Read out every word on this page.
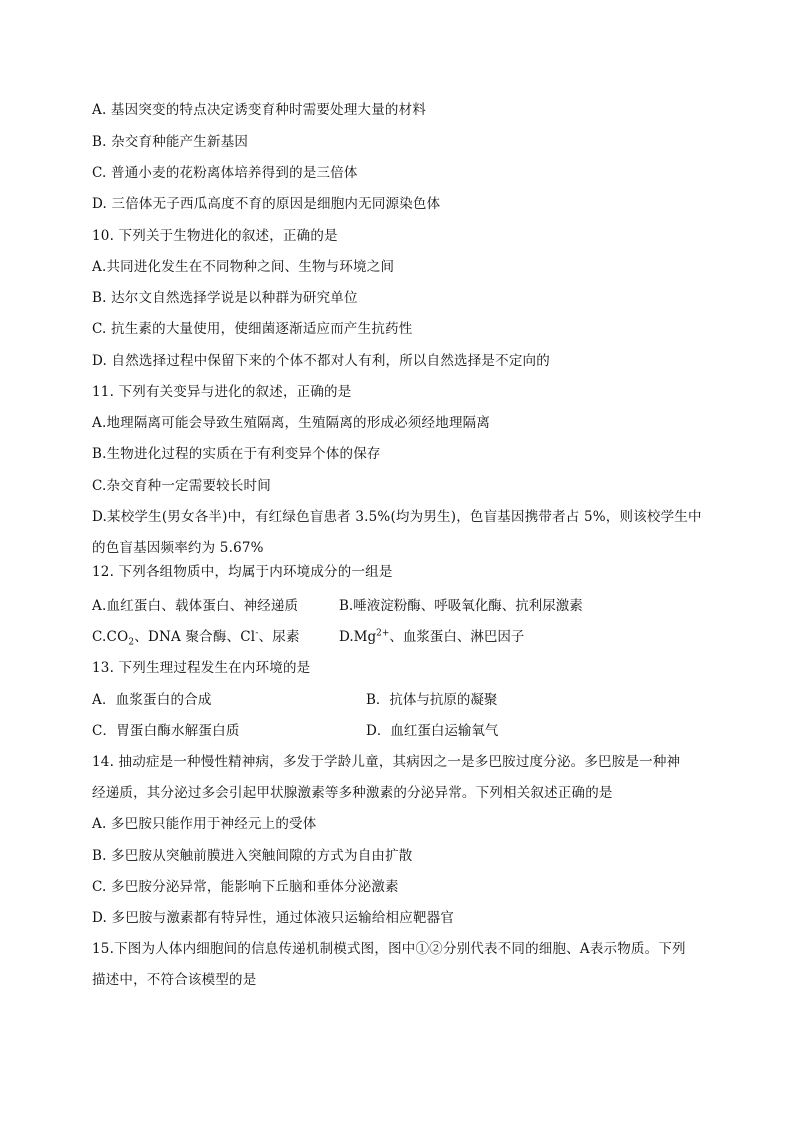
A. 基因突变的特点决定诱变育种时需要处理大量的材料
B. 杂交育种能产生新基因
C. 普通小麦的花粉离体培养得到的是三倍体
D. 三倍体无子西瓜高度不育的原因是细胞内无同源染色体
10. 下列关于生物进化的叙述，正确的是
A.共同进化发生在不同物种之间、生物与环境之间
B. 达尔文自然选择学说是以种群为研究单位
C. 抗生素的大量使用，使细菌逐渐适应而产生抗药性
D. 自然选择过程中保留下来的个体不都对人有利，所以自然选择是不定向的
11. 下列有关变异与进化的叙述，正确的是
A.地理隔离可能会导致生殖隔离，生殖隔离的形成必须经地理隔离
B.生物进化过程的实质在于有利变异个体的保存
C.杂交育种一定需要较长时间
D.某校学生(男女各半)中，有红绿色盲患者 3.5%(均为男生)，色盲基因携带者占 5%，则该校学生中
的色盲基因频率约为 5.67%
12. 下列各组物质中，均属于内环境成分的一组是
A.血红蛋白、载体蛋白、神经递质	B.唾液淀粉酶、呼吸氧化酶、抗利尿激素
$C.CO_2$、DNA 聚合酶、Cl-、尿素	$D.Mg^{2+}$、血浆蛋白、淋巴因子
13. 下列生理过程发生在内环境的是
A．血浆蛋白的合成	B．抗体与抗原的凝聚
C．胃蛋白酶水解蛋白质	D．血红蛋白运输氧气
14. 抽动症是一种慢性精神病，多发于学龄儿童，其病因之一是多巴胺过度分泌。多巴胺是一种神
经递质，其分泌过多会引起甲状腺激素等多种激素的分泌异常。下列相关叙述正确的是
A. 多巴胺只能作用于神经元上的受体
B. 多巴胺从突触前膜进入突触间隙的方式为自由扩散
C. 多巴胺分泌异常，能影响下丘脑和垂体分泌激素
D. 多巴胺与激素都有特异性，通过体液只运输给相应靶器官
15.下图为人体内细胞间的信息传递机制模式图，图中①②分别代表不同的细胞、A表示物质。下列
描述中，不符合该模型的是
